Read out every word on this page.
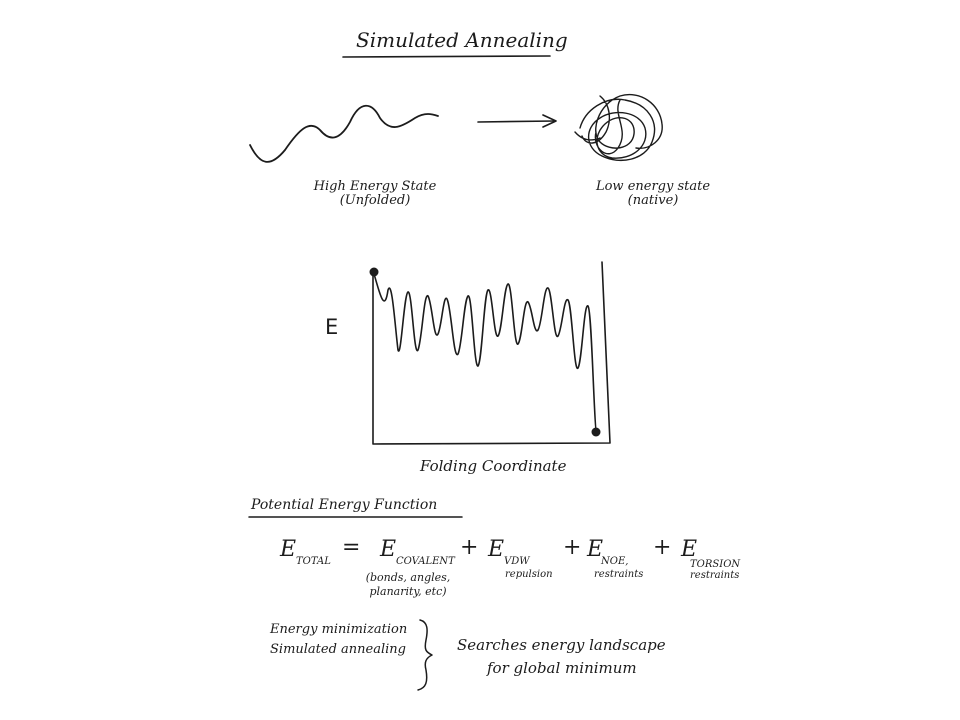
Simulated Annealing

High Energy State
(Unfolded)
Low energy state
(native)

E

Folding Coordinate

Potential Energy Function

E TOTAL
= E COVALENT
+ E VDW
repulsion
+ E
NOE,
restraints
+ E
TORSION
restraints
(bonds, angles,
planarity, etc)
Energy minimization
Simulated annealing	Searches energy landscape
for global minimum
